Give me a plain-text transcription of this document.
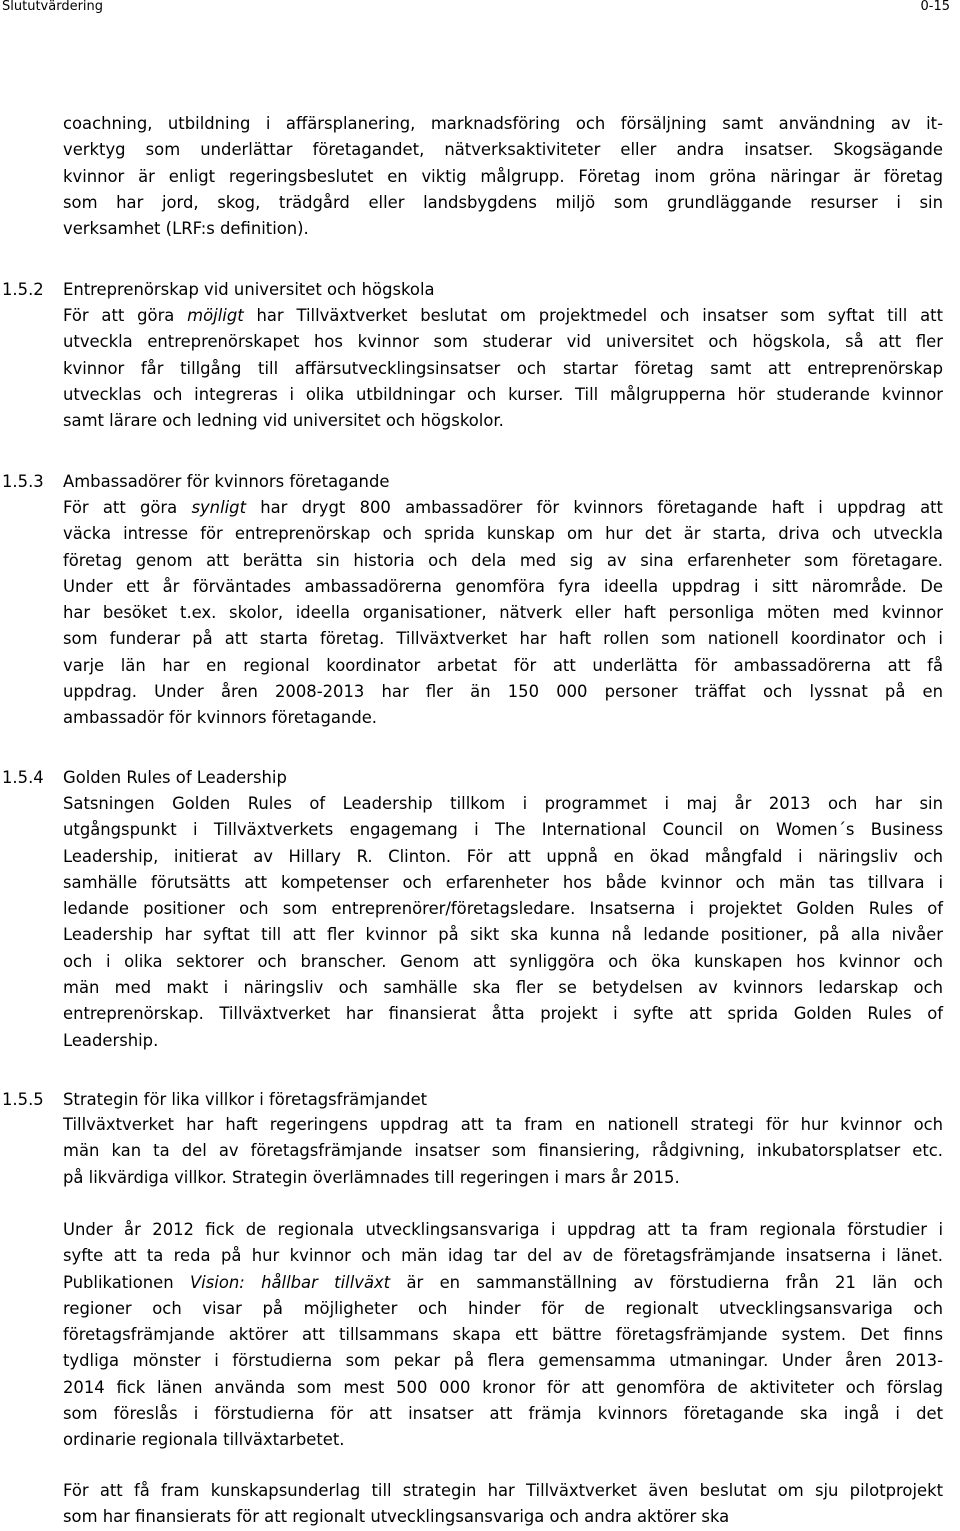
Slututvärdering	0-15
coachning, utbildning i affärsplanering, marknadsföring och försäljning samt användning av it-
verktyg som underlättar företagandet, nätverksaktiviteter eller andra insatser. Skogsägande
kvinnor är enligt regeringsbeslutet en viktig målgrupp. Företag inom gröna näringar är företag
som har jord, skog, trädgård eller landsbygdens miljö som grundläggande resurser i sin
verksamhet (LRF:s definition).
1.5.2 Entreprenörskap vid universitet och högskola
För att göra möjligt har Tillväxtverket beslutat om projektmedel och insatser som syftat till att
utveckla entreprenörskapet hos kvinnor som studerar vid universitet och högskola, så att fler
kvinnor får tillgång till affärsutvecklingsinsatser och startar företag samt att entreprenörskap
utvecklas och integreras i olika utbildningar och kurser. Till målgrupperna hör studerande kvinnor
samt lärare och ledning vid universitet och högskolor.
1.5.3 Ambassadörer för kvinnors företagande
För att göra synligt har drygt 800 ambassadörer för kvinnors företagande haft i uppdrag att
väcka intresse för entreprenörskap och sprida kunskap om hur det är starta, driva och utveckla
företag genom att berätta sin historia och dela med sig av sina erfarenheter som företagare.
Under ett år förväntades ambassadörerna genomföra fyra ideella uppdrag i sitt närområde. De
har besöket t.ex. skolor, ideella organisationer, nätverk eller haft personliga möten med kvinnor
som funderar på att starta företag. Tillväxtverket har haft rollen som nationell koordinator och i
varje län har en regional koordinator arbetat för att underlätta för ambassadörerna att få
uppdrag. Under åren 2008-2013 har fler än 150 000 personer träffat och lyssnat på en
ambassadör för kvinnors företagande.
1.5.4 Golden Rules of Leadership
Satsningen Golden Rules of Leadership tillkom i programmet i maj år 2013 och har sin
utgångspunkt i Tillväxtverkets engagemang i The International Council on Women´s Business
Leadership, initierat av Hillary R. Clinton. För att uppnå en ökad mångfald i näringsliv och
samhälle förutsätts att kompetenser och erfarenheter hos både kvinnor och män tas tillvara i
ledande positioner och som entreprenörer/företagsledare. Insatserna i projektet Golden Rules of
Leadership har syftat till att fler kvinnor på sikt ska kunna nå ledande positioner, på alla nivåer
och i olika sektorer och branscher. Genom att synliggöra och öka kunskapen hos kvinnor och
män med makt i näringsliv och samhälle ska fler se betydelsen av kvinnors ledarskap och
entreprenörskap. Tillväxtverket har finansierat åtta projekt i syfte att sprida Golden Rules of
Leadership.
1.5.5 Strategin för lika villkor i företagsfrämjandet
Tillväxtverket har haft regeringens uppdrag att ta fram en nationell strategi för hur kvinnor och
män kan ta del av företagsfrämjande insatser som finansiering, rådgivning, inkubatorsplatser etc.
på likvärdiga villkor. Strategin överlämnades till regeringen i mars år 2015.
Under år 2012 fick de regionala utvecklingsansvariga i uppdrag att ta fram regionala förstudier i
syfte att ta reda på hur kvinnor och män idag tar del av de företagsfrämjande insatserna i länet.
Publikationen Vision: hållbar tillväxt är en sammanställning av förstudierna från 21 län och
regioner och visar på möjligheter och hinder för de regionalt utvecklingsansvariga och
företagsfrämjande aktörer att tillsammans skapa ett bättre företagsfrämjande system. Det finns
tydliga mönster i förstudierna som pekar på flera gemensamma utmaningar. Under åren 2013-
2014 fick länen använda som mest 500 000 kronor för att genomföra de aktiviteter och förslag
som föreslås i förstudierna för att insatser att främja kvinnors företagande ska ingå i det
ordinarie regionala tillväxtarbetet.
För att få fram kunskapsunderlag till strategin har Tillväxtverket även beslutat om sju pilotprojekt
som har finansierats för att regionalt utvecklingsansvariga och andra aktörer ska
